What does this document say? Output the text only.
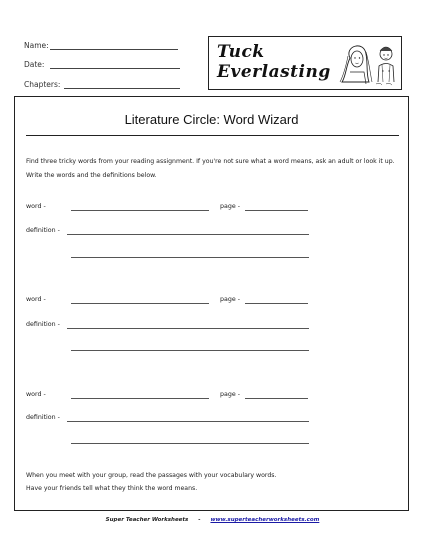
Name:
Date:
Chapters:
Tuck
Everlasting
Literature Circle: Word Wizard
Find three tricky words from your reading assignment. If you're not sure what a word means, ask an adult or look it up. Write the words and the definitions below.
word -	page -
definition -
word -	page -
definition -
word -	page -
definition -
When you meet with your group, read the passages with your vocabulary words.
Have your friends tell what they think the word means.
Super Teacher Worksheets - www.superteacherworksheets.com
